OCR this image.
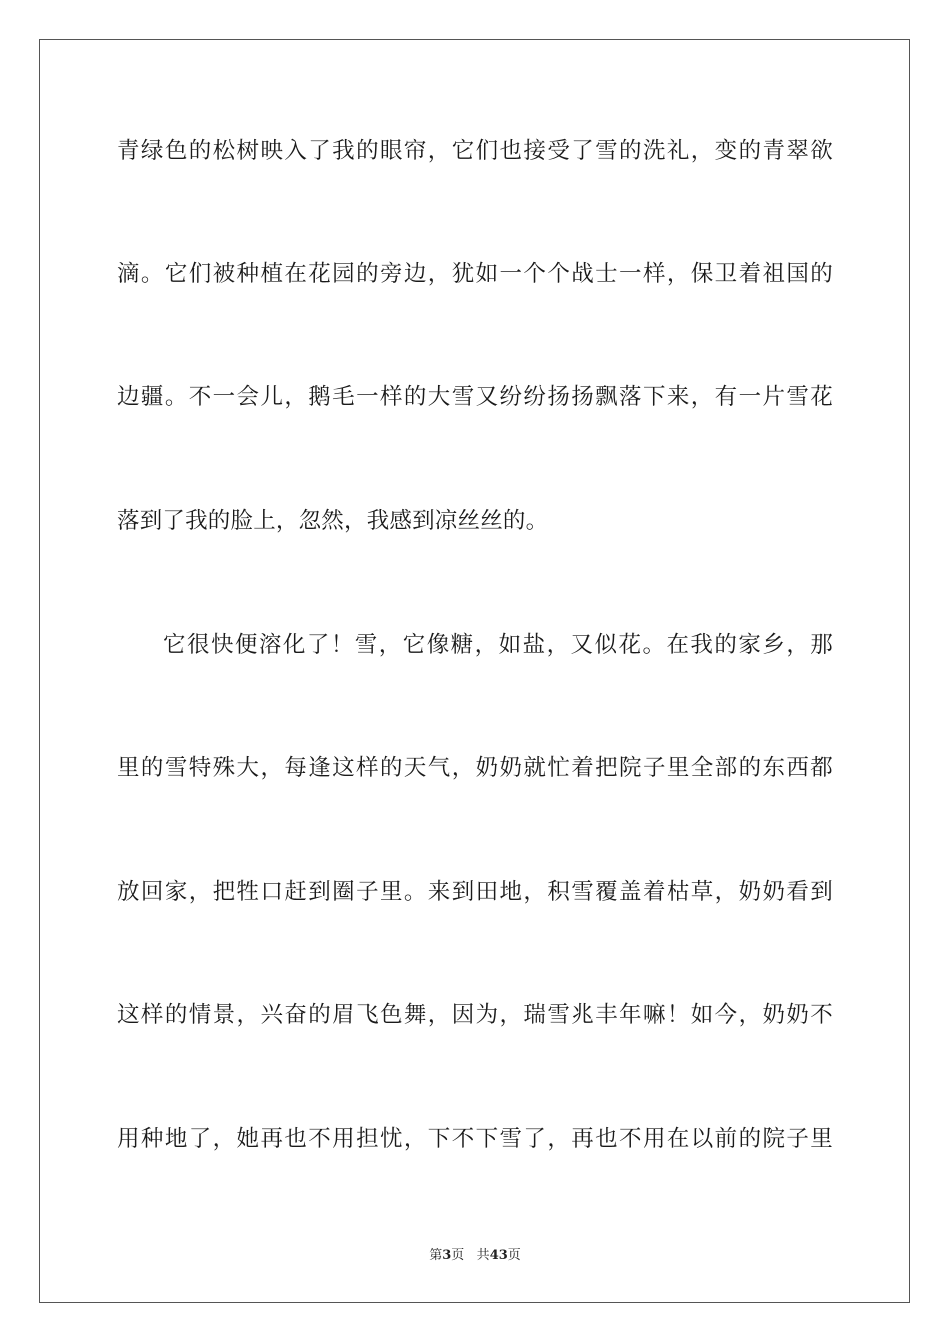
青绿色的松树映入了我的眼帘，它们也接受了雪的洗礼，变的青翠欲
滴。它们被种植在花园的旁边，犹如一个个战士一样，保卫着祖国的
边疆。不一会儿，鹅毛一样的大雪又纷纷扬扬飘落下来，有一片雪花
落到了我的脸上，忽然，我感到凉丝丝的。
它很快便溶化了！雪，它像糖，如盐，又似花。在我的家乡，那
里的雪特殊大，每逢这样的天气，奶奶就忙着把院子里全部的东西都
放回家，把牲口赶到圈子里。来到田地，积雪覆盖着枯草，奶奶看到
这样的情景，兴奋的眉飞色舞，因为，瑞雪兆丰年嘛！如今，奶奶不
用种地了，她再也不用担忧，下不下雪了，再也不用在以前的院子里
第3页 共43页
